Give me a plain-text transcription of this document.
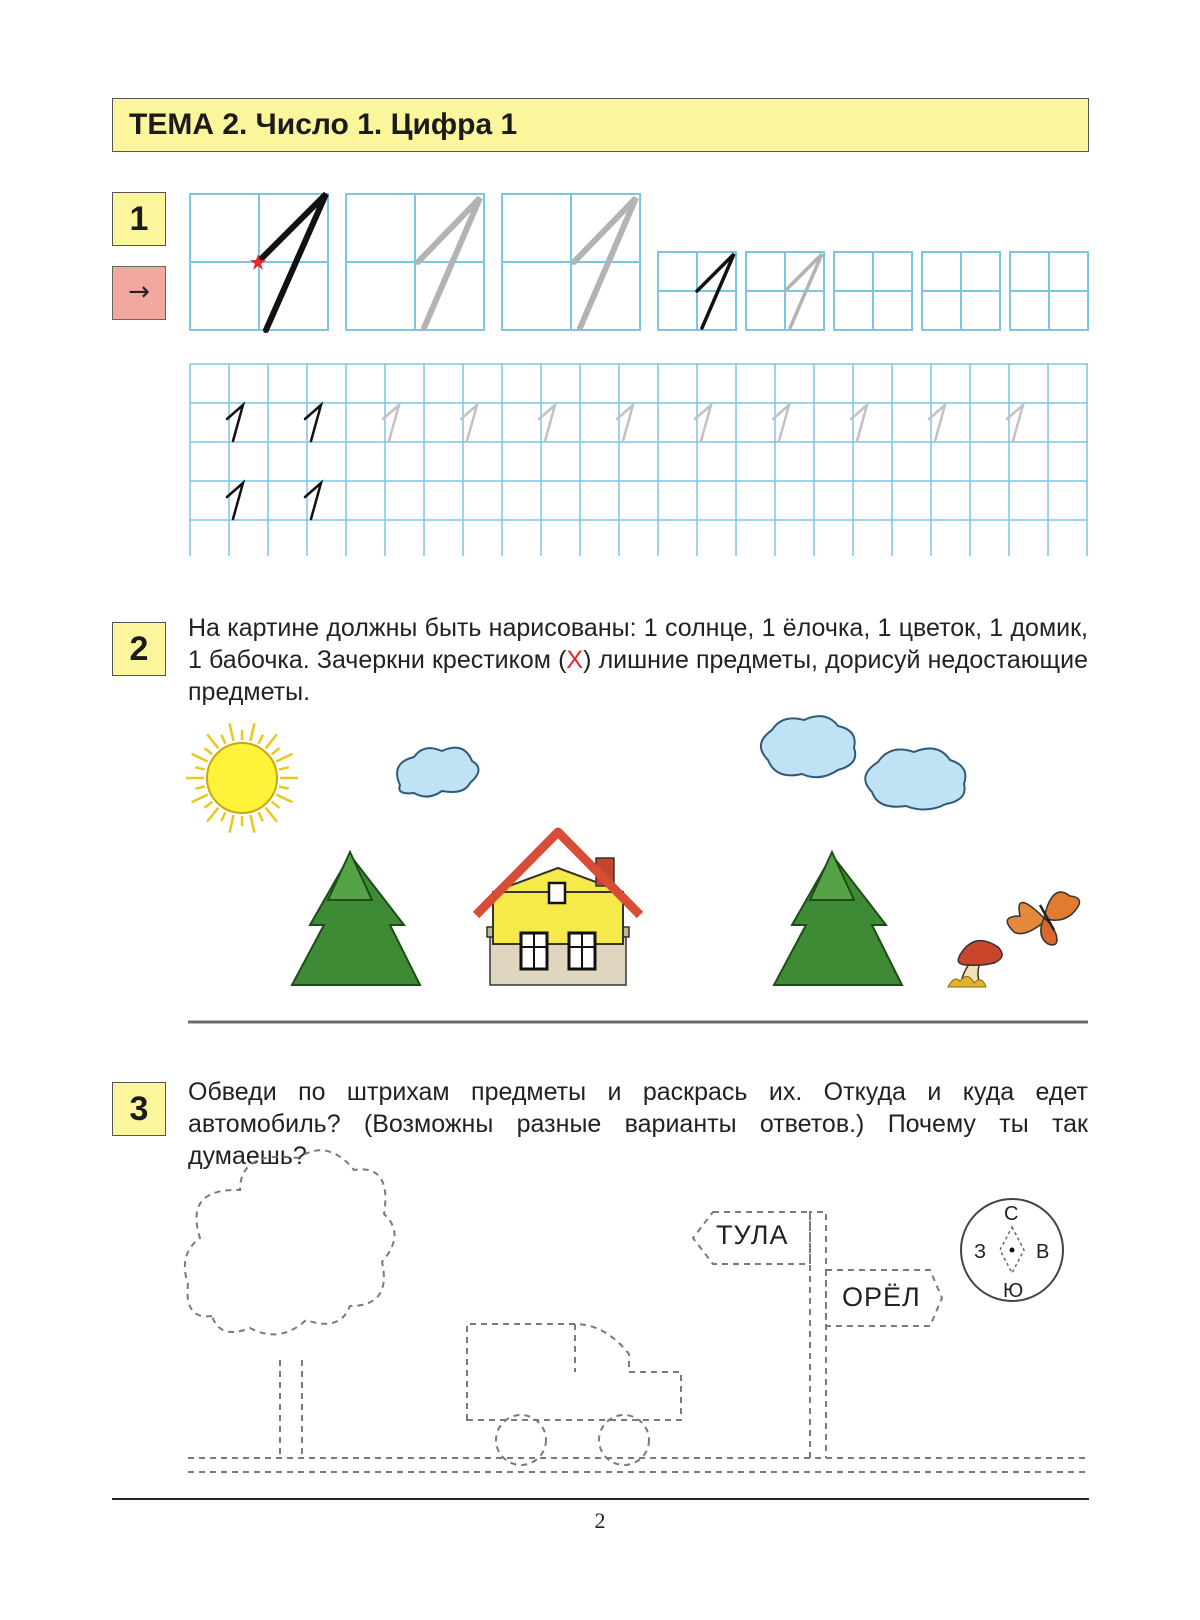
ТЕМА 2. Число 1. Цифра 1
1
→
2
На картине должны быть нарисованы: 1 солнце, 1 ёлочка, 1 цветок, 1 домик, 1 бабочка. Зачеркни крестиком (Х) лишние предметы, дорисуй недостающие предметы.
3	Обведи по штрихам предметы и раскрась их. Откуда и куда едет автомобиль? (Возможны разные варианты ответов.) Почему ты так думаешь?
ТУЛА
ОРЁЛ
С
Ю
З В
2
